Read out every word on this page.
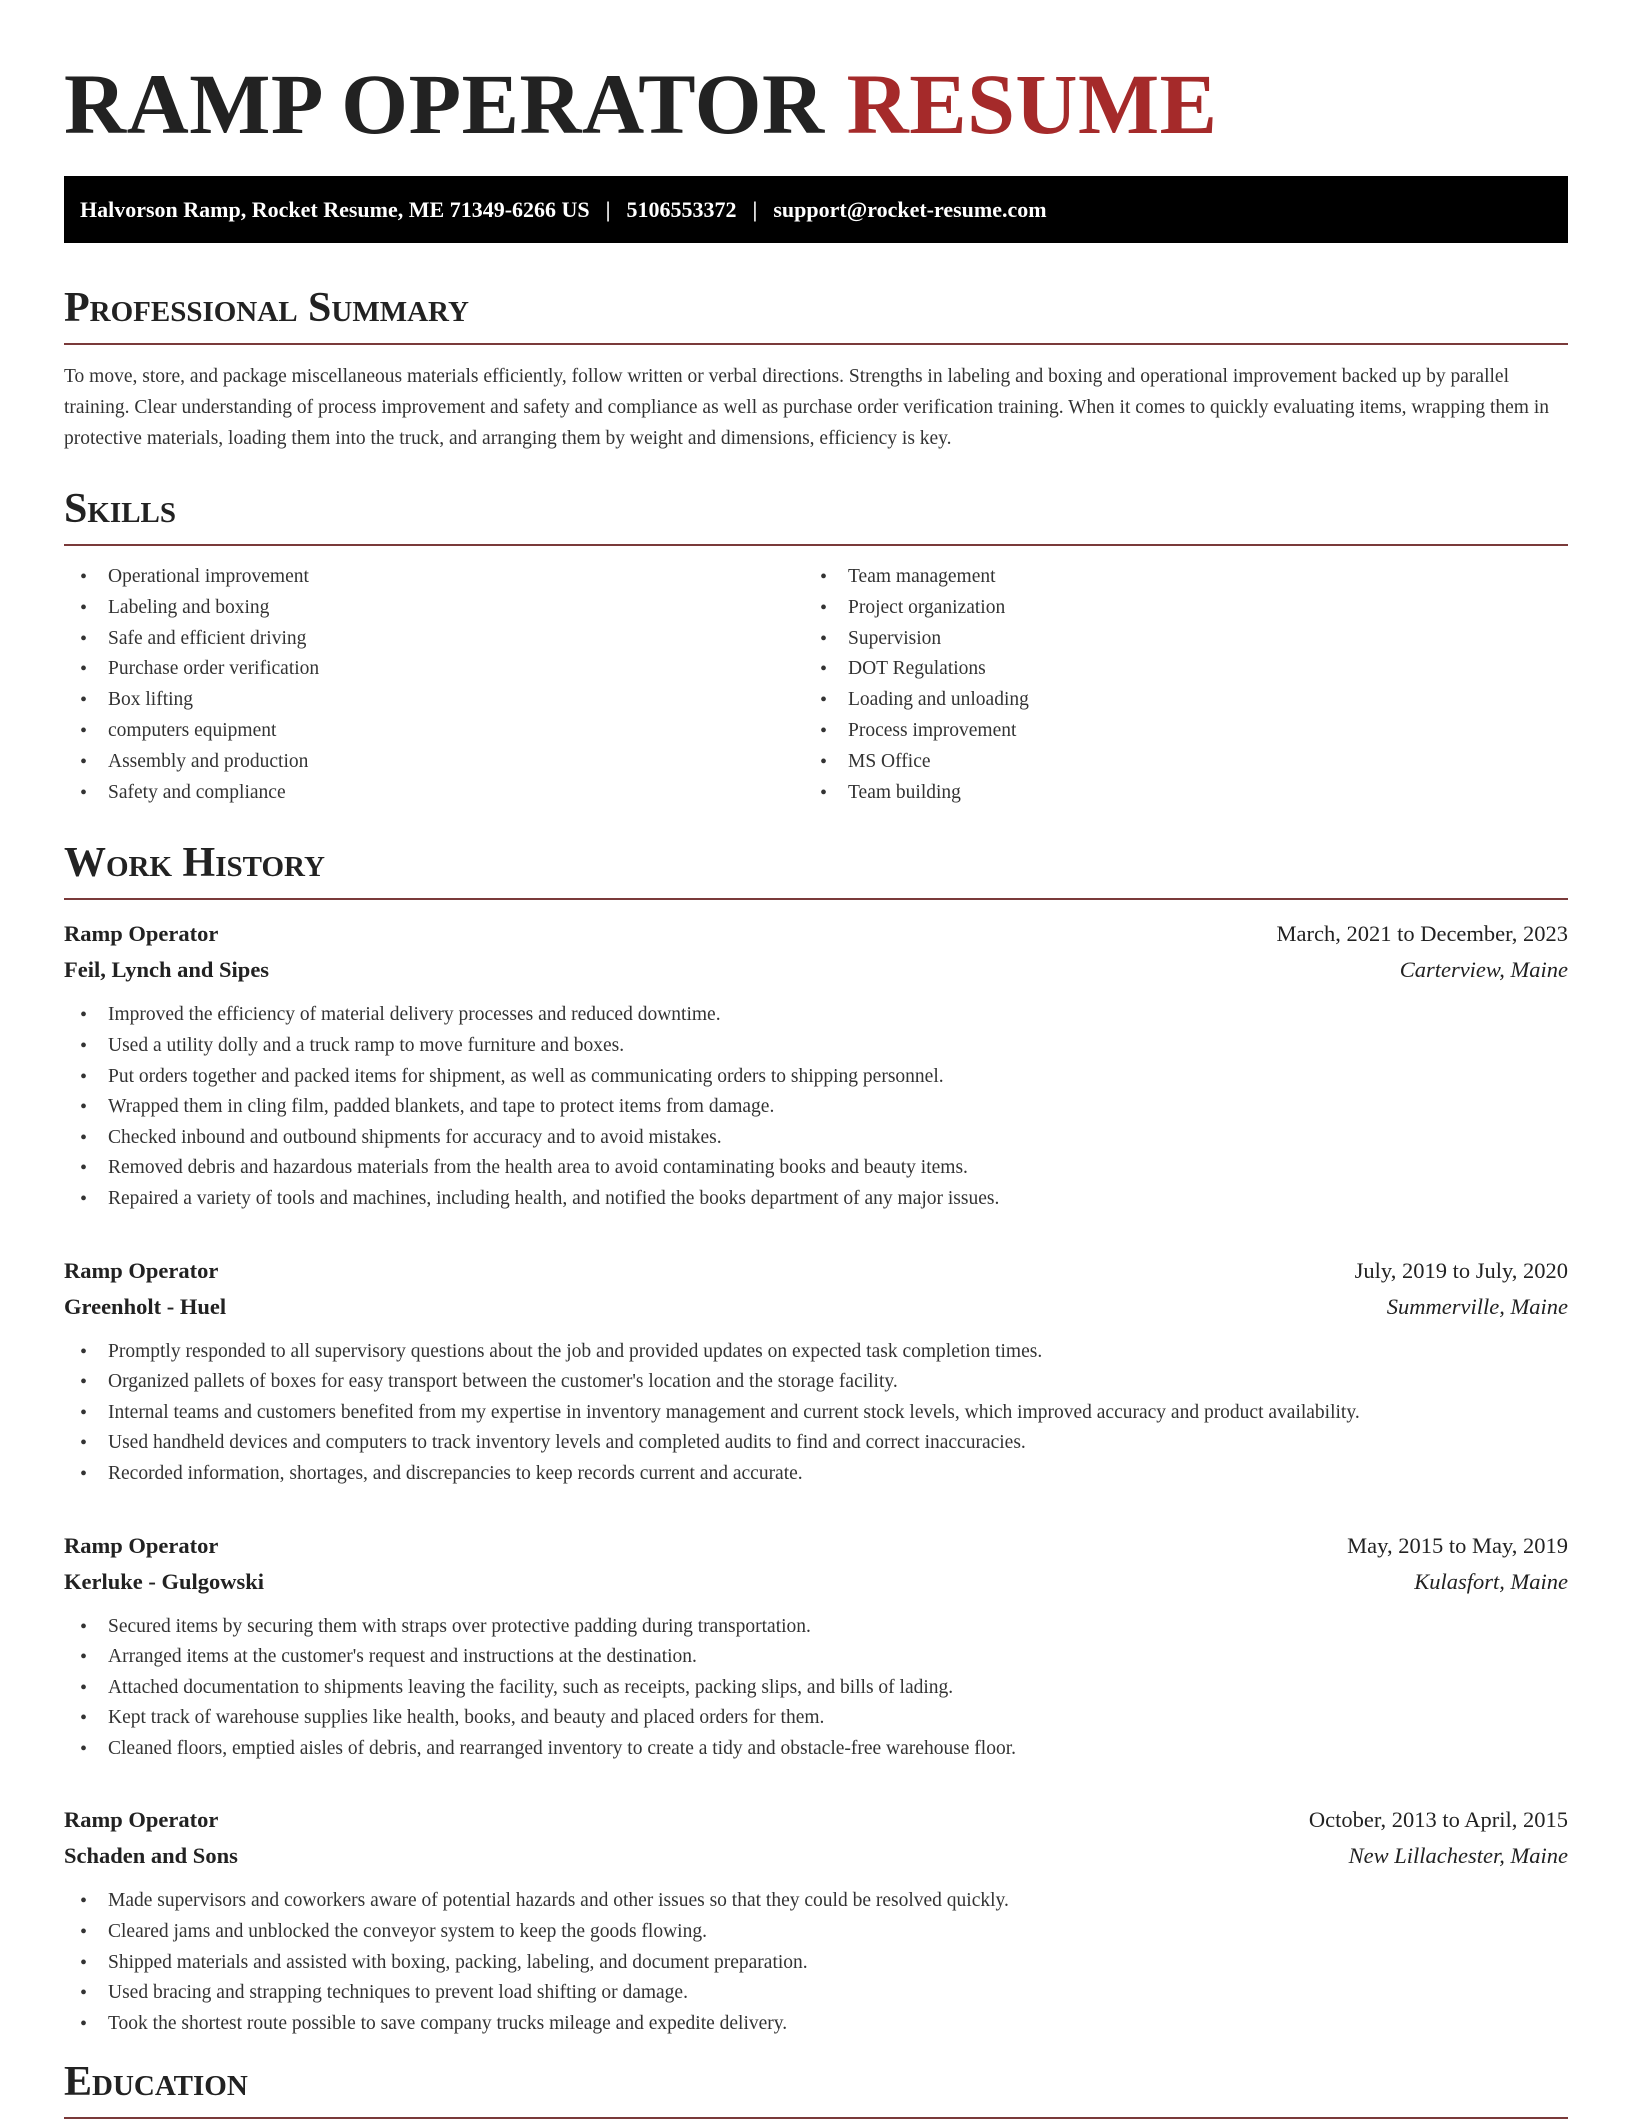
RAMP OPERATOR RESUME
Halvorson Ramp, Rocket Resume, ME 71349-6266 US | 5106553372 | support@rocket-resume.com
Professional Summary

To move, store, and package miscellaneous materials efficiently, follow written or verbal directions. Strengths in labeling and boxing and operational improvement backed up by parallel training. Clear understanding of process improvement and safety and compliance as well as purchase order verification training. When it comes to quickly evaluating items, wrapping them in protective materials, loading them into the truck, and arranging them by weight and dimensions, efficiency is key.

Skills
• Operational improvement
• Labeling and boxing
• Safe and efficient driving
• Purchase order verification
• Box lifting
• computers equipment
• Assembly and production
• Safety and compliance
• Team management
• Project organization
• Supervision
• DOT Regulations
• Loading and unloading
• Process improvement
• MS Office
• Team building
Work History
Ramp Operator	March, 2021 to December, 2023
Feil, Lynch and Sipes	Carterview, Maine
• Improved the efficiency of material delivery processes and reduced downtime.
• Used a utility dolly and a truck ramp to move furniture and boxes.
• Put orders together and packed items for shipment, as well as communicating orders to shipping personnel.
• Wrapped them in cling film, padded blankets, and tape to protect items from damage.
• Checked inbound and outbound shipments for accuracy and to avoid mistakes.
• Removed debris and hazardous materials from the health area to avoid contaminating books and beauty items.
• Repaired a variety of tools and machines, including health, and notified the books department of any major issues.
Ramp Operator	July, 2019 to July, 2020
Greenholt - Huel	Summerville, Maine
• Promptly responded to all supervisory questions about the job and provided updates on expected task completion times.
• Organized pallets of boxes for easy transport between the customer's location and the storage facility.
• Internal teams and customers benefited from my expertise in inventory management and current stock levels, which improved accuracy and product availability.
• Used handheld devices and computers to track inventory levels and completed audits to find and correct inaccuracies.
• Recorded information, shortages, and discrepancies to keep records current and accurate.
Ramp Operator	May, 2015 to May, 2019
Kerluke - Gulgowski	Kulasfort, Maine
• Secured items by securing them with straps over protective padding during transportation.
• Arranged items at the customer's request and instructions at the destination.
• Attached documentation to shipments leaving the facility, such as receipts, packing slips, and bills of lading.
• Kept track of warehouse supplies like health, books, and beauty and placed orders for them.
• Cleaned floors, emptied aisles of debris, and rearranged inventory to create a tidy and obstacle-free warehouse floor.
Ramp Operator	October, 2013 to April, 2015
Schaden and Sons	New Lillachester, Maine
• Made supervisors and coworkers aware of potential hazards and other issues so that they could be resolved quickly.
• Cleared jams and unblocked the conveyor system to keep the goods flowing.
• Shipped materials and assisted with boxing, packing, labeling, and document preparation.
• Used bracing and strapping techniques to prevent load shifting or damage.
• Took the shortest route possible to save company trucks mileage and expedite delivery.
Education
